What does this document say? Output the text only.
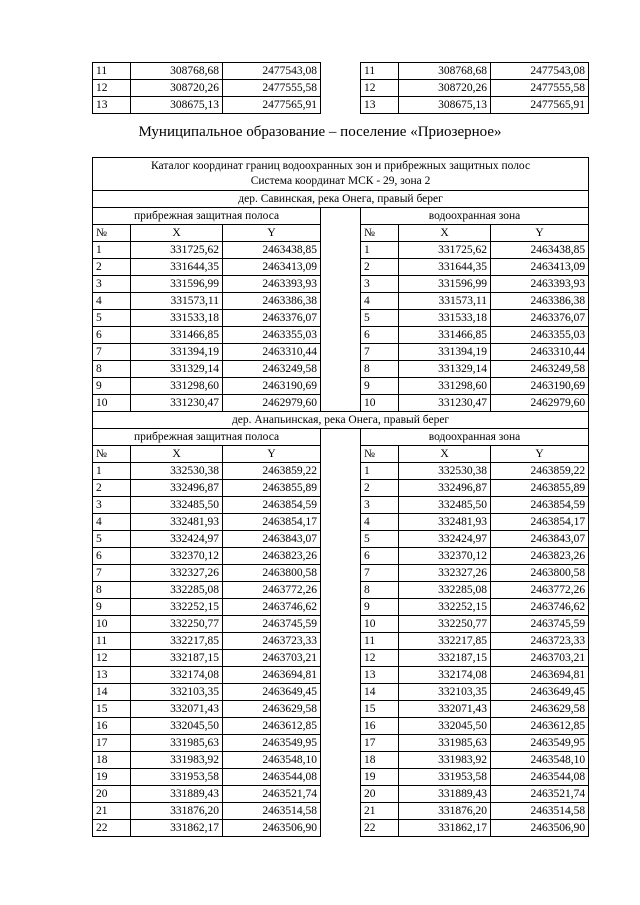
11	308768,68	2477543,08		11	308768,68	2477543,08
12	308720,26	2477555,58		12	308720,26	2477555,58
13	308675,13	2477565,91		13	308675,13	2477565,91
Муниципальное образование – поселение «Приозерное»
Каталог координат границ водоохранных зон и прибрежных защитных полос
Система координат МСК - 29, зона 2						
дер. Савинская, река Онега, правый берег						
прибрежная защитная полоса				водоохранная зона		
№	X	Y		№	X	Y
1	331725,62	2463438,85		1	331725,62	2463438,85
2	331644,35	2463413,09		2	331644,35	2463413,09
3	331596,99	2463393,93		3	331596,99	2463393,93
4	331573,11	2463386,38		4	331573,11	2463386,38
5	331533,18	2463376,07		5	331533,18	2463376,07
6	331466,85	2463355,03		6	331466,85	2463355,03
7	331394,19	2463310,44		7	331394,19	2463310,44
8	331329,14	2463249,58		8	331329,14	2463249,58
9	331298,60	2463190,69		9	331298,60	2463190,69
10	331230,47	2462979,60		10	331230,47	2462979,60
дер. Анапьинская, река Онега, правый берег						
прибрежная защитная полоса				водоохранная зона		
№	X	Y		№	X	Y
1	332530,38	2463859,22		1	332530,38	2463859,22
2	332496,87	2463855,89		2	332496,87	2463855,89
3	332485,50	2463854,59		3	332485,50	2463854,59
4	332481,93	2463854,17		4	332481,93	2463854,17
5	332424,97	2463843,07		5	332424,97	2463843,07
6	332370,12	2463823,26		6	332370,12	2463823,26
7	332327,26	2463800,58		7	332327,26	2463800,58
8	332285,08	2463772,26		8	332285,08	2463772,26
9	332252,15	2463746,62		9	332252,15	2463746,62
10	332250,77	2463745,59		10	332250,77	2463745,59
11	332217,85	2463723,33		11	332217,85	2463723,33
12	332187,15	2463703,21		12	332187,15	2463703,21
13	332174,08	2463694,81		13	332174,08	2463694,81
14	332103,35	2463649,45		14	332103,35	2463649,45
15	332071,43	2463629,58		15	332071,43	2463629,58
16	332045,50	2463612,85		16	332045,50	2463612,85
17	331985,63	2463549,95		17	331985,63	2463549,95
18	331983,92	2463548,10		18	331983,92	2463548,10
19	331953,58	2463544,08		19	331953,58	2463544,08
20	331889,43	2463521,74		20	331889,43	2463521,74
21	331876,20	2463514,58		21	331876,20	2463514,58
22	331862,17	2463506,90		22	331862,17	2463506,90
